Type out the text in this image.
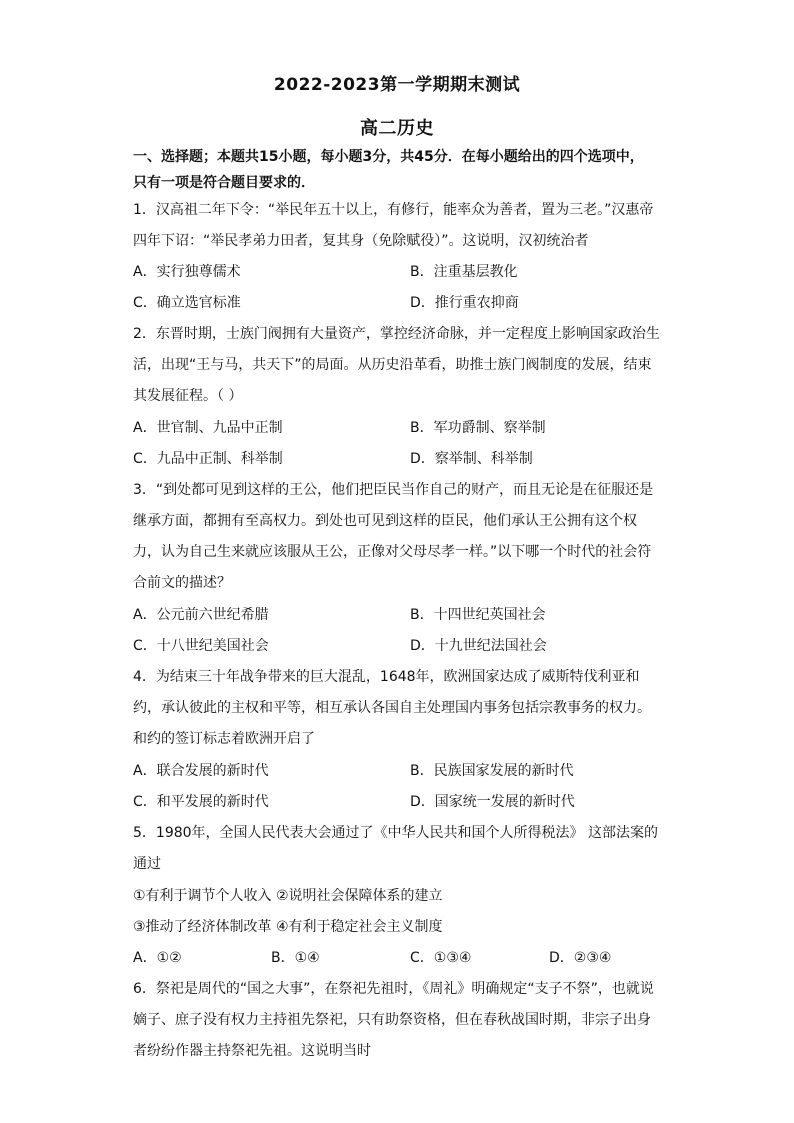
2022-2023第一学期期末测试
高二历史
一、选择题；本题共15小题，每小题3分，共45分．在每小题给出的四个选项中，
只有一项是符合题目要求的．
1．汉高祖二年下令：“举民年五十以上，有修行，能率众为善者，置为三老。”汉惠帝
四年下诏：“举民孝弟力田者，复其身（免除赋役）”。这说明，汉初统治者
A．实行独尊儒术	B．注重基层教化
C．确立选官标准	D．推行重农抑商
2．东晋时期，士族门阀拥有大量资产，掌控经济命脉，并一定程度上影响国家政治生
活，出现“王与马，共天下”的局面。从历史沿革看，助推士族门阀制度的发展，结束
其发展征程。（ ）
A．世官制、九品中正制	B．军功爵制、察举制
C．九品中正制、科举制	D．察举制、科举制
3．“到处都可见到这样的王公，他们把臣民当作自己的财产，而且无论是在征服还是
继承方面，都拥有至高权力。到处也可见到这样的臣民，他们承认王公拥有这个权
力，认为自己生来就应该服从王公，正像对父母尽孝一样。”以下哪一个时代的社会符
合前文的描述？
A．公元前六世纪希腊	B．十四世纪英国社会
C．十八世纪美国社会	D．十九世纪法国社会
4．为结束三十年战争带来的巨大混乱，1648年，欧洲国家达成了威斯特伐利亚和
约，承认彼此的主权和平等，相互承认各国自主处理国内事务包括宗教事务的权力。
和约的签订标志着欧洲开启了
A．联合发展的新时代	B．民族国家发展的新时代
C．和平发展的新时代	D．国家统一发展的新时代
5．1980年，全国人民代表大会通过了《中华人民共和国个人所得税法》 这部法案的
通过
①有利于调节个人收入 ②说明社会保障体系的建立
③推动了经济体制改革 ④有利于稳定社会主义制度
A．①②	B．①④	C．①③④	D．②③④
6．祭祀是周代的“国之大事”，在祭祀先祖时，《周礼》明确规定“支子不祭”，也就说
嫡子、庶子没有权力主持祖先祭祀，只有助祭资格，但在春秋战国时期，非宗子出身
者纷纷作器主持祭祀先祖。这说明当时
